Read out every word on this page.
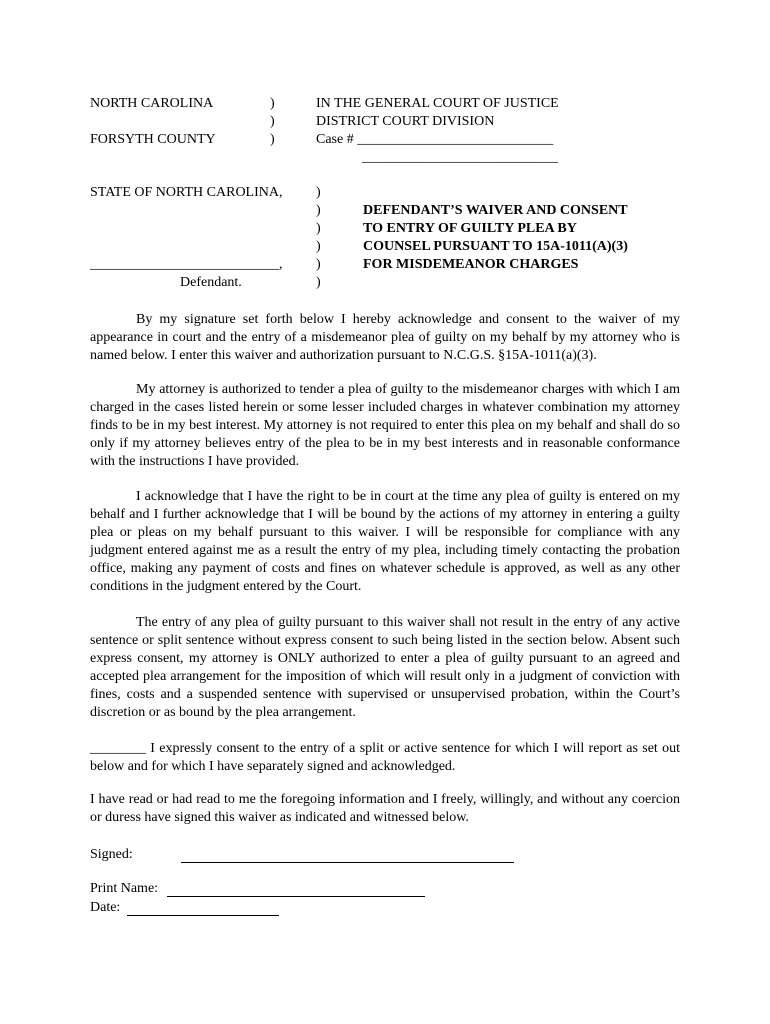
NORTH CAROLINA
FORSYTH COUNTY
)
)
)
IN THE GENERAL COURT OF JUSTICE
DISTRICT COURT DIVISION
Case # ____________________________
____________________________
STATE OF NORTH CAROLINA,
___________________________,
Defendant.
)
)
)
)
)
)
DEFENDANT’S WAIVER AND CONSENT
TO ENTRY OF GUILTY PLEA BY
COUNSEL PURSUANT TO 15A-1011(A)(3)
FOR MISDEMEANOR CHARGES
By my signature set forth below I hereby acknowledge and consent to the waiver of my appearance in court and the entry of a misdemeanor plea of guilty on my behalf by my attorney who is named below. I enter this waiver and authorization pursuant to N.C.G.S. §15A-1011(a)(3).
My attorney is authorized to tender a plea of guilty to the misdemeanor charges with which I am charged in the cases listed herein or some lesser included charges in whatever combination my attorney finds to be in my best interest. My attorney is not required to enter this plea on my behalf and shall do so only if my attorney believes entry of the plea to be in my best interests and in reasonable conformance with the instructions I have provided.
I acknowledge that I have the right to be in court at the time any plea of guilty is entered on my behalf and I further acknowledge that I will be bound by the actions of my attorney in entering a guilty plea or pleas on my behalf pursuant to this waiver. I will be responsible for compliance with any judgment entered against me as a result the entry of my plea, including timely contacting the probation office, making any payment of costs and fines on whatever schedule is approved, as well as any other conditions in the judgment entered by the Court.
The entry of any plea of guilty pursuant to this waiver shall not result in the entry of any active sentence or split sentence without express consent to such being listed in the section below. Absent such express consent, my attorney is ONLY authorized to enter a plea of guilty pursuant to an agreed and accepted plea arrangement for the imposition of which will result only in a judgment of conviction with fines, costs and a suspended sentence with supervised or unsupervised probation, within the Court’s discretion or as bound by the plea arrangement.
________ I expressly consent to the entry of a split or active sentence for which I will report as set out below and for which I have separately signed and acknowledged.
I have read or had read to me the foregoing information and I freely, willingly, and without any coercion or duress have signed this waiver as indicated and witnessed below.
Signed:
Print Name:
Date:
